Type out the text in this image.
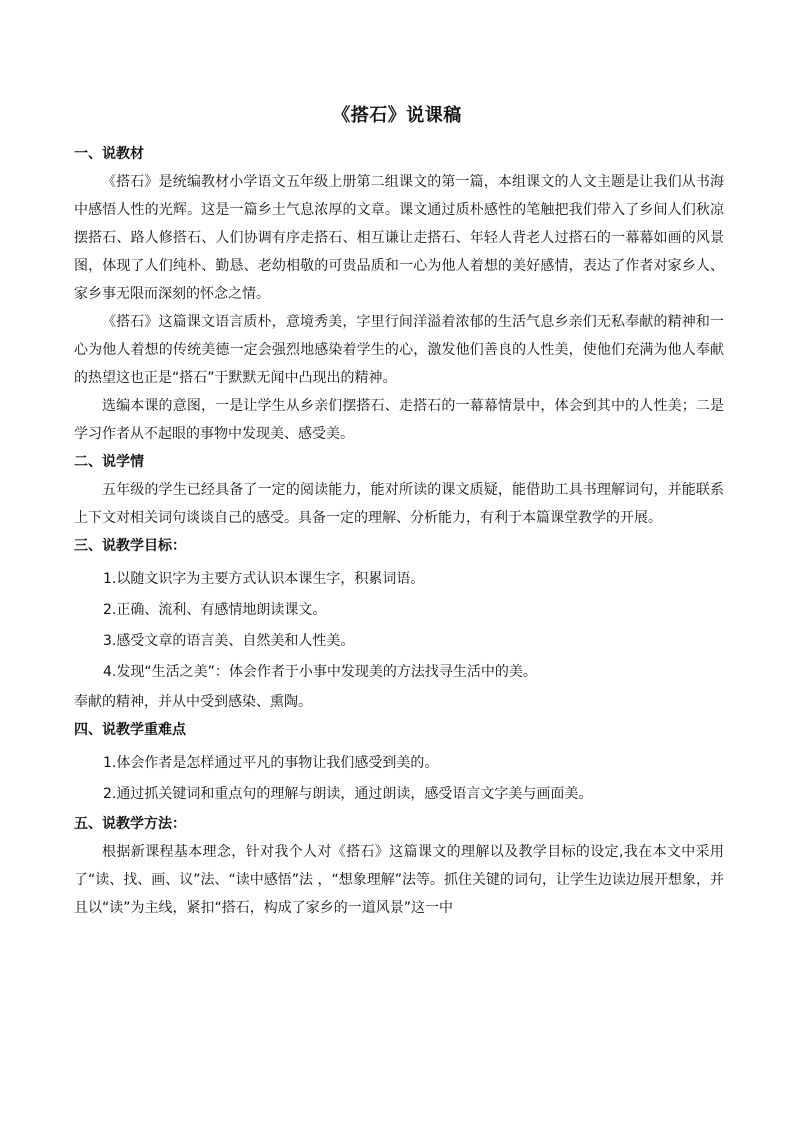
《搭石》说课稿
一、说教材

《搭石》是统编教材小学语文五年级上册第二组课文的第一篇，本组课文的人文主题是让我们从书海中感悟人性的光辉。这是一篇乡土气息浓厚的文章。课文通过质朴感性的笔触把我们带入了乡间人们秋凉摆搭石、路人修搭石、人们协调有序走搭石、相互谦让走搭石、年轻人背老人过搭石的一幕幕如画的风景图，体现了人们纯朴、勤恳、老幼相敬的可贵品质和一心为他人着想的美好感情，表达了作者对家乡人、家乡事无限而深刻的怀念之情。

《搭石》这篇课文语言质朴，意境秀美，字里行间洋溢着浓郁的生活气息乡亲们无私奉献的精神和一心为他人着想的传统美德一定会强烈地感染着学生的心，激发他们善良的人性美，使他们充满为他人奉献的热望这也正是“搭石”于默默无闻中凸现出的精神。

选编本课的意图，一是让学生从乡亲们摆搭石、走搭石的一幕幕情景中，体会到其中的人性美；二是学习作者从不起眼的事物中发现美、感受美。

二、说学情

五年级的学生已经具备了一定的阅读能力，能对所读的课文质疑，能借助工具书理解词句，并能联系上下文对相关词句谈谈自己的感受。具备一定的理解、分析能力，有利于本篇课堂教学的开展。

三、说教学目标：

1.以随文识字为主要方式认识本课生字，积累词语。

2.正确、流利、有感情地朗读课文。

3.感受文章的语言美、自然美和人性美。

4.发现“生活之美”：体会作者于小事中发现美的方法找寻生活中的美。

奉献的精神，并从中受到感染、熏陶。

四、说教学重难点

1.体会作者是怎样通过平凡的事物让我们感受到美的。

2.通过抓关键词和重点句的理解与朗读，通过朗读，感受语言文字美与画面美。

五、说教学方法：

根据新课程基本理念，针对我个人对《搭石》这篇课文的理解以及教学目标的设定,我在本文中采用了“读、找、画、议”法、“读中感悟”法 ，“想象理解”法等。抓住关键的词句，让学生边读边展开想象，并且以“读”为主线，紧扣“搭石，构成了家乡的一道风景”这一中
